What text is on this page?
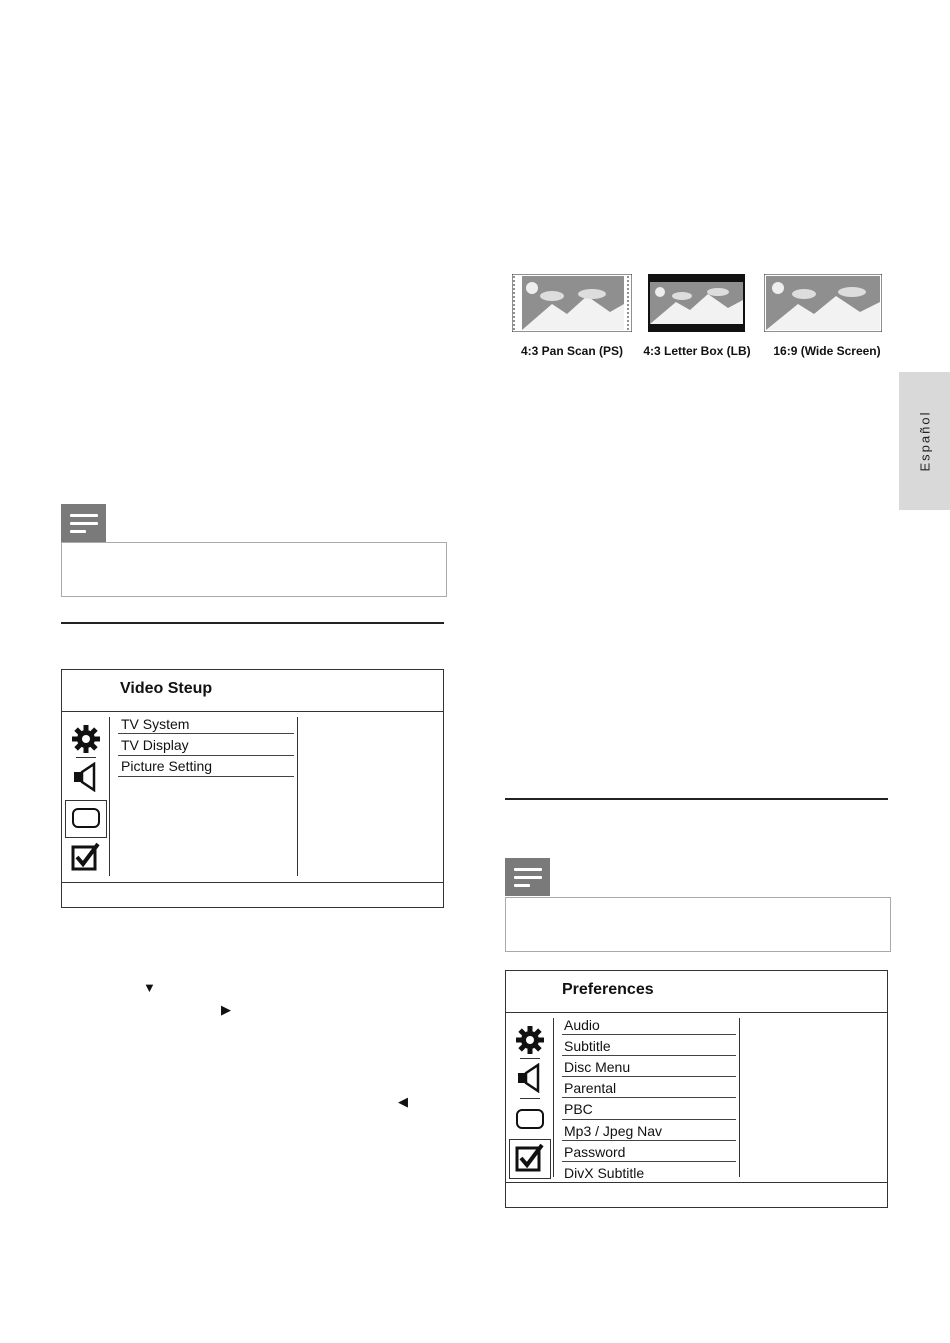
Español
4:3 Pan Scan (PS)	4:3 Letter Box (LB)	16:9 (Wide Screen)
Video Steup
TV System
TV Display
Picture Setting
▼
▶
◀
Preferences
Audio
Subtitle
Disc Menu
Parental
PBC
Mp3 / Jpeg Nav
Password
DivX Subtitle
